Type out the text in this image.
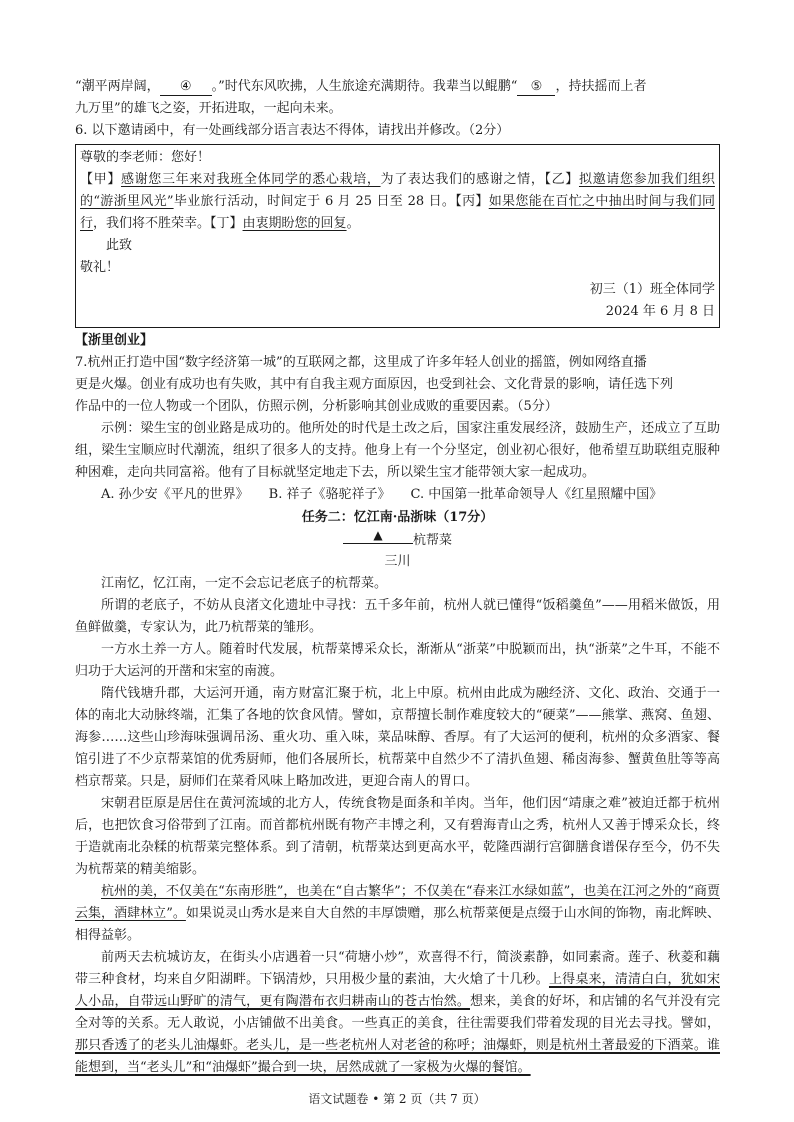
“潮平两岸阔， ④ 。”时代东风吹拂，人生旅途充满期待。我辈当以鲲鹏“ ⑤ ，持扶摇而上者

九万里”的雄飞之姿，开拓进取，一起向未来。

6. 以下邀请函中，有一处画线部分语言表达不得体，请找出并修改。（2分）

尊敬的李老师：您好！

【甲】感谢您三年来对我班全体同学的悉心栽培，为了表达我们的感谢之情，【乙】拟邀请您参加我们组织的“游浙里风光”毕业旅行活动，时间定于 6 月 25 日至 28 日。【丙】如果您能在百忙之中抽出时间与我们同行，我们将不胜荣幸。【丁】由衷期盼您的回复。

此致

敬礼！

初三（1）班全体同学

2024 年 6 月 8 日

【浙里创业】

7.杭州正打造中国“数字经济第一城”的互联网之都，这里成了许多年轻人创业的摇篮，例如网络直播

更是火爆。创业有成功也有失败，其中有自我主观方面原因，也受到社会、文化背景的影响，请任选下列

作品中的一位人物或一个团队，仿照示例，分析影响其创业成败的重要因素。（5分）

示例：梁生宝的创业路是成功的。他所处的时代是土改之后，国家注重发展经济，鼓励生产，还成立了互助组，梁生宝顺应时代潮流，组织了很多人的支持。他身上有一个分坚定，创业初心很好，他希望互助联组克服种种困难，走向共同富裕。他有了目标就坚定地走下去，所以梁生宝才能带领大家一起成功。

A. 孙少安《平凡的世界》 B. 祥子《骆驼祥子》 C. 中国第一批革命领导人《红星照耀中国》

任务二：忆江南·品浙味（17分）

▲	杭帮菜

三川

江南忆，忆江南，一定不会忘记老底子的杭帮菜。

所谓的老底子，不妨从良渚文化遗址中寻找：五千多年前，杭州人就已懂得“饭稻羹鱼”——用稻米做饭，用鱼鲜做羹，专家认为，此乃杭帮菜的雏形。

一方水土养一方人。随着时代发展，杭帮菜博采众长，渐渐从“浙菜”中脱颖而出，执“浙菜”之牛耳，不能不归功于大运河的开凿和宋室的南渡。

隋代钱塘升郡，大运河开通，南方财富汇聚于杭，北上中原。杭州由此成为融经济、文化、政治、交通于一体的南北大动脉终端，汇集了各地的饮食风情。譬如，京帮擅长制作难度较大的“硬菜”——熊掌、燕窝、鱼翅、海参……这些山珍海味强调吊汤、重火功、重入味，菜品味醇、香厚。有了大运河的便利，杭州的众多酒家、餐馆引进了不少京帮菜馆的优秀厨师，他们各展所长，杭帮菜中自然少不了清扒鱼翅、稀卤海参、蟹黄鱼肚等等高档京帮菜。只是，厨师们在菜肴风味上略加改进，更迎合南人的胃口。

宋朝君臣原是居住在黄河流域的北方人，传统食物是面条和羊肉。当年，他们因“靖康之难”被迫迁都于杭州后，也把饮食习俗带到了江南。而首都杭州既有物产丰博之利，又有碧海青山之秀，杭州人又善于博采众长，终于造就南北杂糅的杭帮菜完整体系。到了清朝，杭帮菜达到更高水平，乾隆西湖行宫御膳食谱保存至今，仍不失为杭帮菜的精美缩影。

杭州的美，不仅美在“东南形胜”，也美在“自古繁华”；不仅美在“春来江水绿如蓝”，也美在江河之外的“商贾云集，酒肆林立”。如果说灵山秀水是来自大自然的丰厚馈赠，那么杭帮菜便是点缀于山水间的饰物，南北辉映、相得益彰。

前两天去杭城访友，在街头小店遇着一只“荷塘小炒”，欢喜得不行，简淡素静，如同素斋。莲子、秋菱和藕带三种食材，均来自夕阳湖畔。下锅清炒，只用极少量的素油，大火熗了十几秒。上得桌来，清清白白，犹如宋人小品，自带远山野旷的清气，更有陶潜布衣归耕南山的苍古怡然。想来，美食的好坏，和店铺的名气并没有完全对等的关系。无人敢说，小店铺做不出美食。一些真正的美食，往往需要我们带着发现的目光去寻找。譬如，那只香透了的老头儿油爆虾。老头儿，是一些老杭州人对老爸的称呼；油爆虾，则是杭州土著最爱的下酒菜。谁能想到，当“老头儿”和“油爆虾”撮合到一块，居然成就了一家极为火爆的餐馆。

语文试题卷 • 第 2 页（共 7 页）
